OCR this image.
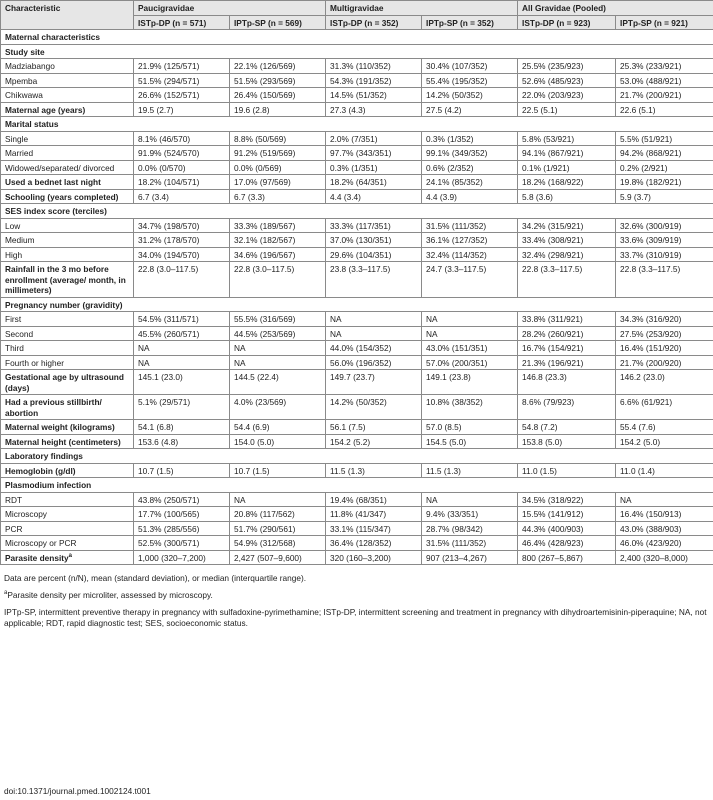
Characteristic	Paucigravidae		Multigravidae		All Gravidae (Pooled)	
	ISTp-DP (n = 571)	IPTp-SP (n = 569)	ISTp-DP (n = 352)	IPTp-SP (n = 352)	ISTp-DP (n = 923)	IPTp-SP (n = 921)
Maternal characteristics						
Study site						
Madziabango	21.9% (125/571)	22.1% (126/569)	31.3% (110/352)	30.4% (107/352)	25.5% (235/923)	25.3% (233/921)
Mpemba	51.5% (294/571)	51.5% (293/569)	54.3% (191/352)	55.4% (195/352)	52.6% (485/923)	53.0% (488/921)
Chikwawa	26.6% (152/571)	26.4% (150/569)	14.5% (51/352)	14.2% (50/352)	22.0% (203/923)	21.7% (200/921)
Maternal age (years)	19.5 (2.7)	19.6 (2.8)	27.3 (4.3)	27.5 (4.2)	22.5 (5.1)	22.6 (5.1)
Marital status						
Single	8.1% (46/570)	8.8% (50/569)	2.0% (7/351)	0.3% (1/352)	5.8% (53/921)	5.5% (51/921)
Married	91.9% (524/570)	91.2% (519/569)	97.7% (343/351)	99.1% (349/352)	94.1% (867/921)	94.2% (868/921)
Widowed/separated/ divorced	0.0% (0/570)	0.0% (0/569)	0.3% (1/351)	0.6% (2/352)	0.1% (1/921)	0.2% (2/921)
Used a bednet last night	18.2% (104/571)	17.0% (97/569)	18.2% (64/351)	24.1% (85/352)	18.2% (168/922)	19.8% (182/921)
Schooling (years completed)	6.7 (3.4)	6.7 (3.3)	4.4 (3.4)	4.4 (3.9)	5.8 (3.6)	5.9 (3.7)
SES index score (terciles)						
Low	34.7% (198/570)	33.3% (189/567)	33.3% (117/351)	31.5% (111/352)	34.2% (315/921)	32.6% (300/919)
Medium	31.2% (178/570)	32.1% (182/567)	37.0% (130/351)	36.1% (127/352)	33.4% (308/921)	33.6% (309/919)
High	34.0% (194/570)	34.6% (196/567)	29.6% (104/351)	32.4% (114/352)	32.4% (298/921)	33.7% (310/919)
Rainfall in the 3 mo before enrollment (average/ month, in millimeters)	22.8 (3.0–117.5)	22.8 (3.0–117.5)	23.8 (3.3–117.5)	24.7 (3.3–117.5)	22.8 (3.3–117.5)	22.8 (3.3–117.5)
Pregnancy number (gravidity)						
First	54.5% (311/571)	55.5% (316/569)	NA	NA	33.8% (311/921)	34.3% (316/920)
Second	45.5% (260/571)	44.5% (253/569)	NA	NA	28.2% (260/921)	27.5% (253/920)
Third	NA	NA	44.0% (154/352)	43.0% (151/351)	16.7% (154/921)	16.4% (151/920)
Fourth or higher	NA	NA	56.0% (196/352)	57.0% (200/351)	21.3% (196/921)	21.7% (200/920)
Gestational age by ultrasound (days)	145.1 (23.0)	144.5 (22.4)	149.7 (23.7)	149.1 (23.8)	146.8 (23.3)	146.2 (23.0)
Had a previous stillbirth/ abortion	5.1% (29/571)	4.0% (23/569)	14.2% (50/352)	10.8% (38/352)	8.6% (79/923)	6.6% (61/921)
Maternal weight (kilograms)	54.1 (6.8)	54.4 (6.9)	56.1 (7.5)	57.0 (8.5)	54.8 (7.2)	55.4 (7.6)
Maternal height (centimeters)	153.6 (4.8)	154.0 (5.0)	154.2 (5.2)	154.5 (5.0)	153.8 (5.0)	154.2 (5.0)
Laboratory findings						
Hemoglobin (g/dl)	10.7 (1.5)	10.7 (1.5)	11.5 (1.3)	11.5 (1.3)	11.0 (1.5)	11.0 (1.4)
Plasmodium infection						
RDT	43.8% (250/571)	NA	19.4% (68/351)	NA	34.5% (318/922)	NA
Microscopy	17.7% (100/565)	20.8% (117/562)	11.8% (41/347)	9.4% (33/351)	15.5% (141/912)	16.4% (150/913)
PCR	51.3% (285/556)	51.7% (290/561)	33.1% (115/347)	28.7% (98/342)	44.3% (400/903)	43.0% (388/903)
Microscopy or PCR	52.5% (300/571)	54.9% (312/568)	36.4% (128/352)	31.5% (111/352)	46.4% (428/923)	46.0% (423/920)
Parasite density$^a$	1,000 (320–7,200)	2,427 (507–9,600)	320 (160–3,200)	907 (213–4,267)	800 (267–5,867)	2,400 (320–8,000)
Data are percent (n/N), mean (standard deviation), or median (interquartile range).
$^a$Parasite density per microliter, assessed by microscopy.
IPTp-SP, intermittent preventive therapy in pregnancy with sulfadoxine-pyrimethamine; ISTp-DP, intermittent screening and treatment in pregnancy with dihydroartemisinin-piperaquine; NA, not applicable; RDT, rapid diagnostic test; SES, socioeconomic status.
doi:10.1371/journal.pmed.1002124.t001
